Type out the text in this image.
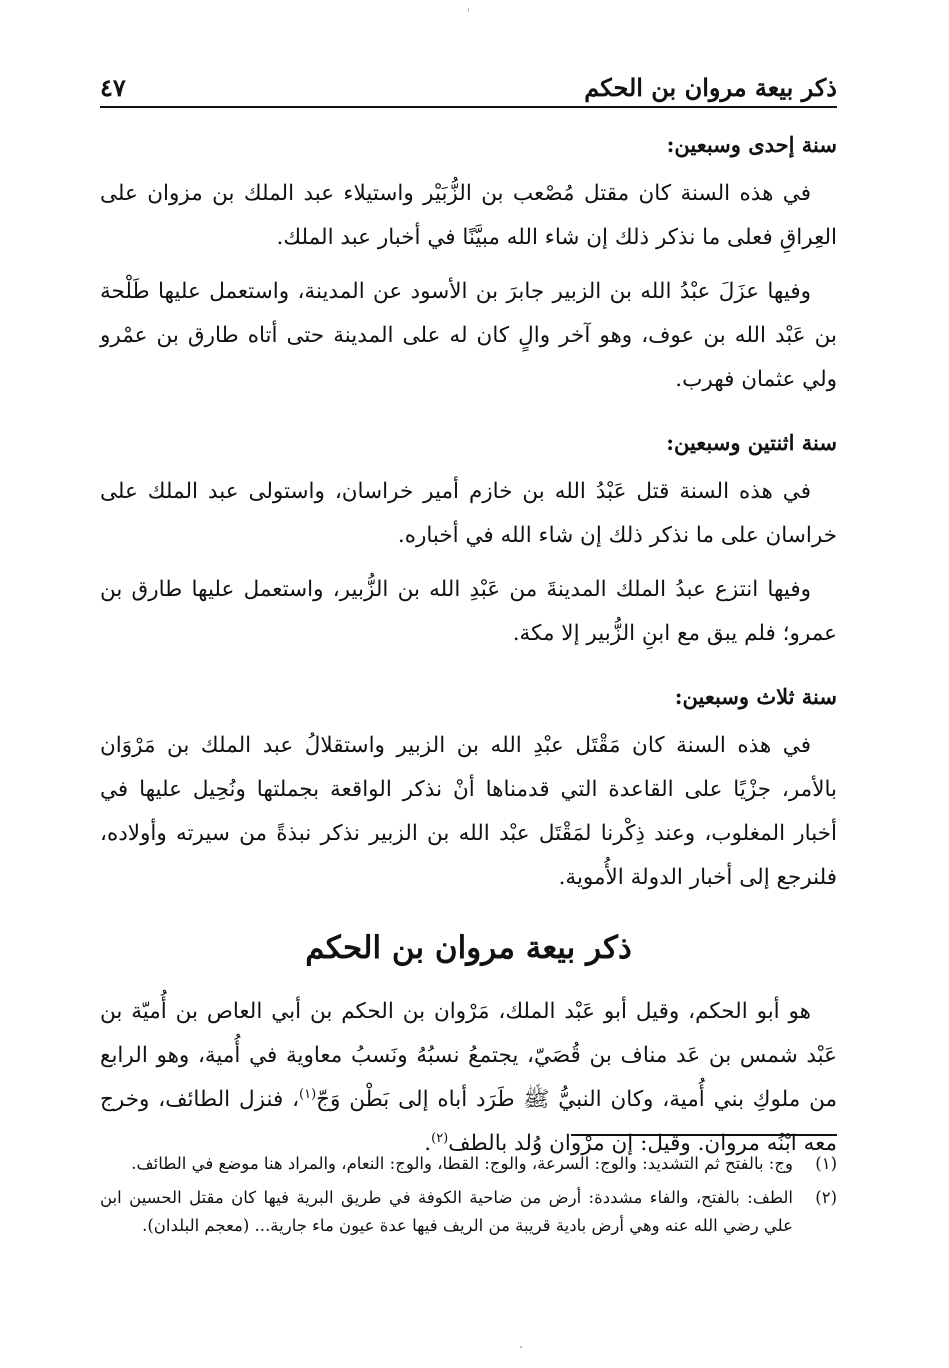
ذكر بيعة مروان بن الحكم
٤٧
سنة إحدى وسبعين:

في هذه السنة كان مقتل مُصْعب بن الزُّبَيْر واستيلاء عبد الملك بن مزوان على العِراقِ فعلى ما نذكر ذلك إن شاء الله مبيَّنًا في أخبار عبد الملك.

وفيها عزَلَ عبْدُ الله بن الزبير جابرَ بن الأسود عن المدينة، واستعمل عليها طَلْحة بن عَبْد الله بن عوف، وهو آخر والٍ كان له على المدينة حتى أتاه طارق بن عمْرو ولي عثمان فهرب.

سنة اثنتين وسبعين:

في هذه السنة قتل عَبْدُ الله بن خازم أمير خراسان، واستولى عبد الملك على خراسان على ما نذكر ذلك إن شاء الله في أخباره.

وفيها انتزع عبدُ الملك المدينةَ من عَبْدِ الله بن الزُّبير، واستعمل عليها طارق بن عمرو؛ فلم يبق مع ابنِ الزُّبير إلا مكة.

سنة ثلاث وسبعين:

في هذه السنة كان مَقْتَل عبْدِ الله بن الزبير واستقلالُ عبد الملك بن مَرْوَان بالأمر، جزْيًا على القاعدة التي قدمناها أنْ نذكر الواقعة بجملتها ونُحِيل عليها في أخبار المغلوب، وعند ذِكْرنا لمَقْتَل عبْد الله بن الزبير نذكر نبذةً من سيرته وأولاده، فلنرجع إلى أخبار الدولة الأُموية.

ذكر بيعة مروان بن الحكم

هو أبو الحكم، وقيل أبو عَبْد الملك، مَرْوان بن الحكم بن أبي العاص بن أُميّة بن عَبْد شمس بن عَد مناف بن قُصَيّ، يجتمعُ نسبُهُ ونَسبُ معاوية في أُمية، وهو الرابع من ملوكِ بني أُمية، وكان النبيُّ ﷺ طَرَد أباه إلى بَطْن وَجّ$^{(١)}$، فنزل الطائف، وخرج معه ابْنُه مروان. وقيل: إن مرْوان وُلد بالطف$^{(٢)}$.

(١)
وج: بالفتح ثم التشديد: والوج: السرعة، والوج: القطا، والوج: النعام، والمراد هنا موضع في الطائف.
(٢)
الطف: بالفتح، والفاء مشددة: أرض من ضاحية الكوفة في طريق البرية فيها كان مقتل الحسين ابن علي رضي الله عنه وهي أرض بادية قريبة من الريف فيها عدة عيون ماء جارية... (معجم البلدان).
